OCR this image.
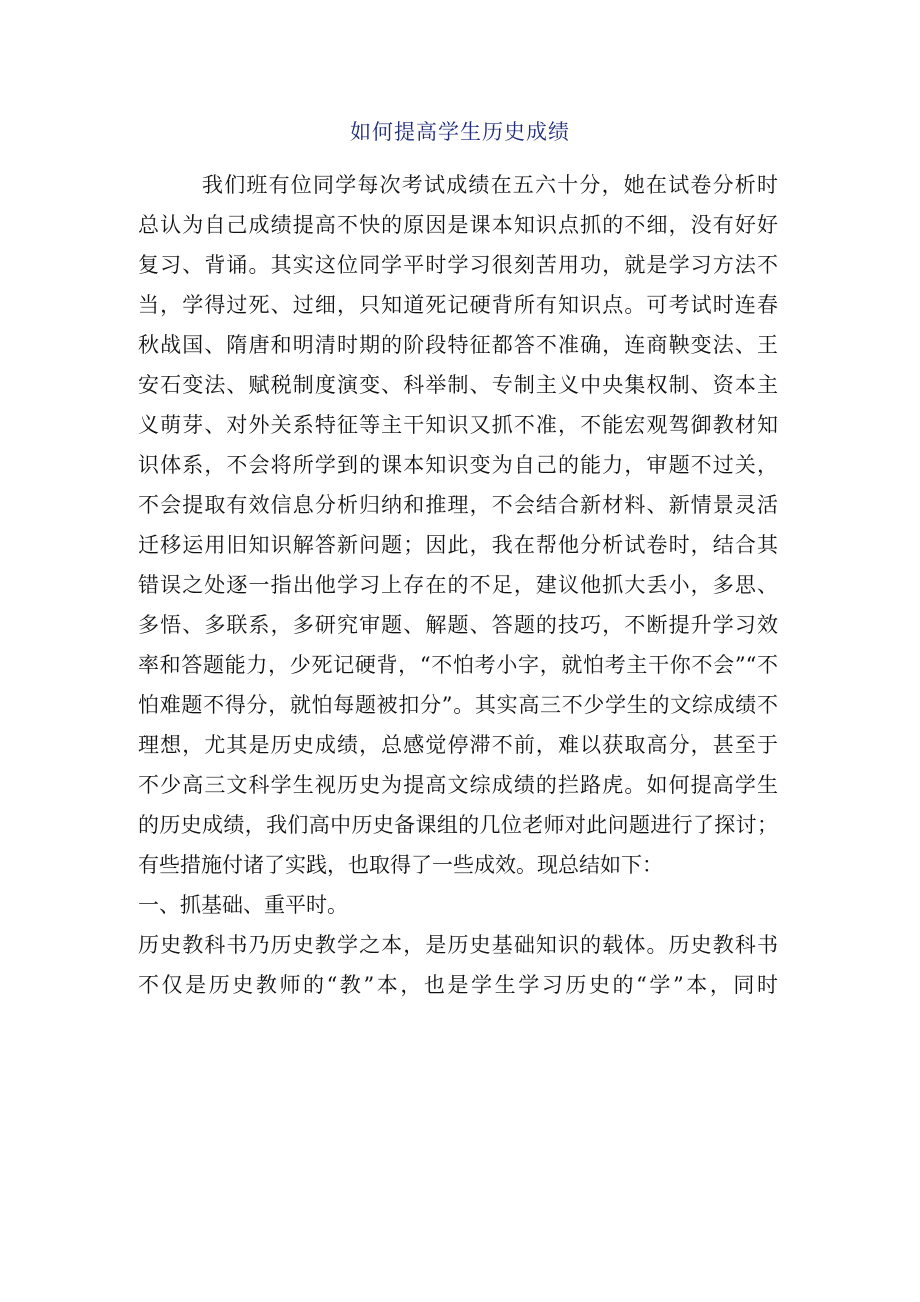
如何提高学生历史成绩
我们班有位同学每次考试成绩在五六十分，她在试卷分析时
总认为自己成绩提高不快的原因是课本知识点抓的不细，没有好好
复习、背诵。其实这位同学平时学习很刻苦用功，就是学习方法不
当，学得过死、过细，只知道死记硬背所有知识点。可考试时连春
秋战国、隋唐和明清时期的阶段特征都答不准确，连商鞅变法、王
安石变法、赋税制度演变、科举制、专制主义中央集权制、资本主
义萌芽、对外关系特征等主干知识又抓不准，不能宏观驾御教材知
识体系，不会将所学到的课本知识变为自己的能力，审题不过关，
不会提取有效信息分析归纳和推理，不会结合新材料、新情景灵活
迁移运用旧知识解答新问题；因此，我在帮他分析试卷时，结合其
错误之处逐一指出他学习上存在的不足，建议他抓大丢小，多思、
多悟、多联系，多研究审题、解题、答题的技巧，不断提升学习效
率和答题能力，少死记硬背，“不怕考小字，就怕考主干你不会”“不
怕难题不得分，就怕每题被扣分”。其实高三不少学生的文综成绩不
理想，尤其是历史成绩，总感觉停滞不前，难以获取高分，甚至于
不少高三文科学生视历史为提高文综成绩的拦路虎。如何提高学生
的历史成绩，我们高中历史备课组的几位老师对此问题进行了探讨；
有些措施付诸了实践，也取得了一些成效。现总结如下：
一、抓基础、重平时。
历史教科书乃历史教学之本，是历史基础知识的载体。历史教科书
不仅是历史教师的“教”本，也是学生学习历史的“学”本，同时
